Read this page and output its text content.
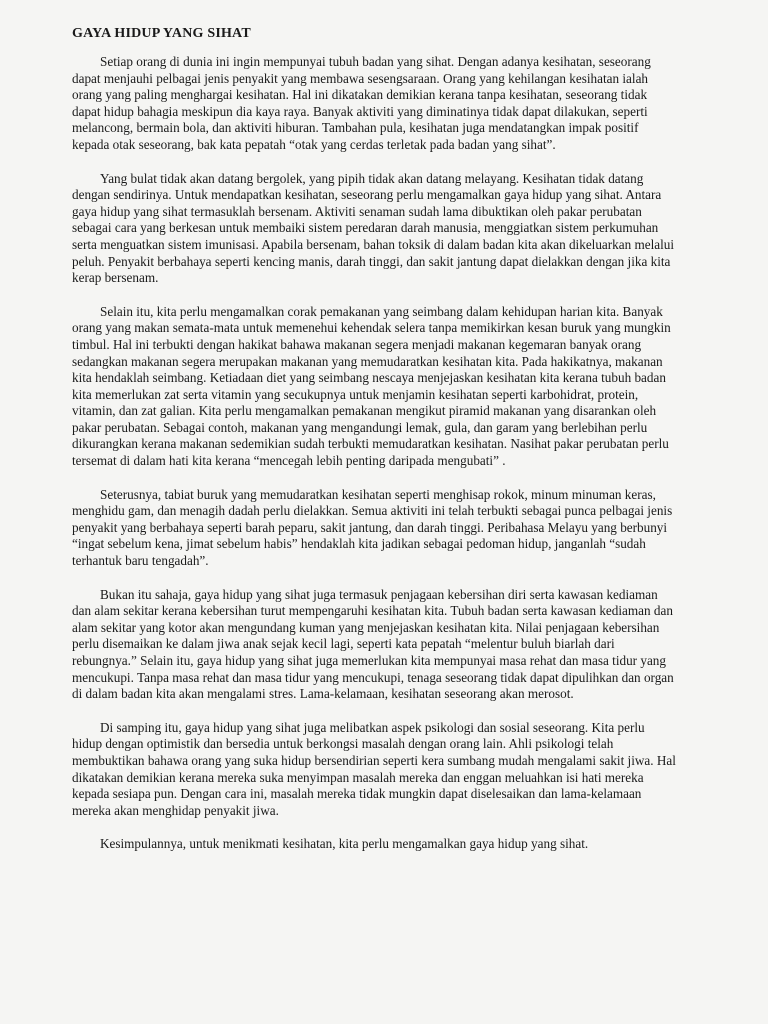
GAYA HIDUP YANG SIHAT

Setiap orang di dunia ini ingin mempunyai tubuh badan yang sihat. Dengan adanya kesihatan, seseorang dapat menjauhi pelbagai jenis penyakit yang membawa sesengsaraan. Orang yang kehilangan kesihatan ialah orang yang paling menghargai kesihatan. Hal ini dikatakan demikian kerana tanpa kesihatan, seseorang tidak dapat hidup bahagia meskipun dia kaya raya. Banyak aktiviti yang diminatinya tidak dapat dilakukan, seperti melancong, bermain bola, dan aktiviti hiburan. Tambahan pula, kesihatan juga mendatangkan impak positif kepada otak seseorang, bak kata pepatah “otak yang cerdas terletak pada badan yang sihat”.

Yang bulat tidak akan datang bergolek, yang pipih tidak akan datang melayang. Kesihatan tidak datang dengan sendirinya. Untuk mendapatkan kesihatan, seseorang perlu mengamalkan gaya hidup yang sihat. Antara gaya hidup yang sihat termasuklah bersenam. Aktiviti senaman sudah lama dibuktikan oleh pakar perubatan sebagai cara yang berkesan untuk membaiki sistem peredaran darah manusia, menggiatkan sistem perkumuhan serta menguatkan sistem imunisasi. Apabila bersenam, bahan toksik di dalam badan kita akan dikeluarkan melalui peluh. Penyakit berbahaya seperti kencing manis, darah tinggi, dan sakit jantung dapat dielakkan dengan jika kita kerap bersenam.

Selain itu, kita perlu mengamalkan corak pemakanan yang seimbang dalam kehidupan harian kita. Banyak orang yang makan semata-mata untuk memenehui kehendak selera tanpa memikirkan kesan buruk yang mungkin timbul. Hal ini terbukti dengan hakikat bahawa makanan segera menjadi makanan kegemaran banyak orang sedangkan makanan segera merupakan makanan yang memudaratkan kesihatan kita. Pada hakikatnya, makanan kita hendaklah seimbang. Ketiadaan diet yang seimbang nescaya menjejaskan kesihatan kita kerana tubuh badan kita memerlukan zat serta vitamin yang secukupnya untuk menjamin kesihatan seperti karbohidrat, protein, vitamin, dan zat galian. Kita perlu mengamalkan pemakanan mengikut piramid makanan yang disarankan oleh pakar perubatan. Sebagai contoh, makanan yang mengandungi lemak, gula, dan garam yang berlebihan perlu dikurangkan kerana makanan sedemikian sudah terbukti memudaratkan kesihatan. Nasihat pakar perubatan perlu tersemat di dalam hati kita kerana “mencegah lebih penting daripada mengubati” .

Seterusnya, tabiat buruk yang memudaratkan kesihatan seperti menghisap rokok, minum minuman keras, menghidu gam, dan menagih dadah perlu dielakkan. Semua aktiviti ini telah terbukti sebagai punca pelbagai jenis penyakit yang berbahaya seperti barah peparu, sakit jantung, dan darah tinggi. Peribahasa Melayu yang berbunyi “ingat sebelum kena, jimat sebelum habis” hendaklah kita jadikan sebagai pedoman hidup, janganlah “sudah terhantuk baru tengadah”.

Bukan itu sahaja, gaya hidup yang sihat juga termasuk penjagaan kebersihan diri serta kawasan kediaman dan alam sekitar kerana kebersihan turut mempengaruhi kesihatan kita. Tubuh badan serta kawasan kediaman dan alam sekitar yang kotor akan mengundang kuman yang menjejaskan kesihatan kita. Nilai penjagaan kebersihan perlu disemaikan ke dalam jiwa anak sejak kecil lagi, seperti kata pepatah “melentur buluh biarlah dari rebungnya.” Selain itu, gaya hidup yang sihat juga memerlukan kita mempunyai masa rehat dan masa tidur yang mencukupi. Tanpa masa rehat dan masa tidur yang mencukupi, tenaga seseorang tidak dapat dipulihkan dan organ di dalam badan kita akan mengalami stres. Lama-kelamaan, kesihatan seseorang akan merosot.

Di samping itu, gaya hidup yang sihat juga melibatkan aspek psikologi dan sosial seseorang. Kita perlu hidup dengan optimistik dan bersedia untuk berkongsi masalah dengan orang lain. Ahli psikologi telah membuktikan bahawa orang yang suka hidup bersendirian seperti kera sumbang mudah mengalami sakit jiwa. Hal dikatakan demikian kerana mereka suka menyimpan masalah mereka dan enggan meluahkan isi hati mereka kepada sesiapa pun. Dengan cara ini, masalah mereka tidak mungkin dapat diselesaikan dan lama-kelamaan mereka akan menghidap penyakit jiwa.

Kesimpulannya, untuk menikmati kesihatan, kita perlu mengamalkan gaya hidup yang sihat.
